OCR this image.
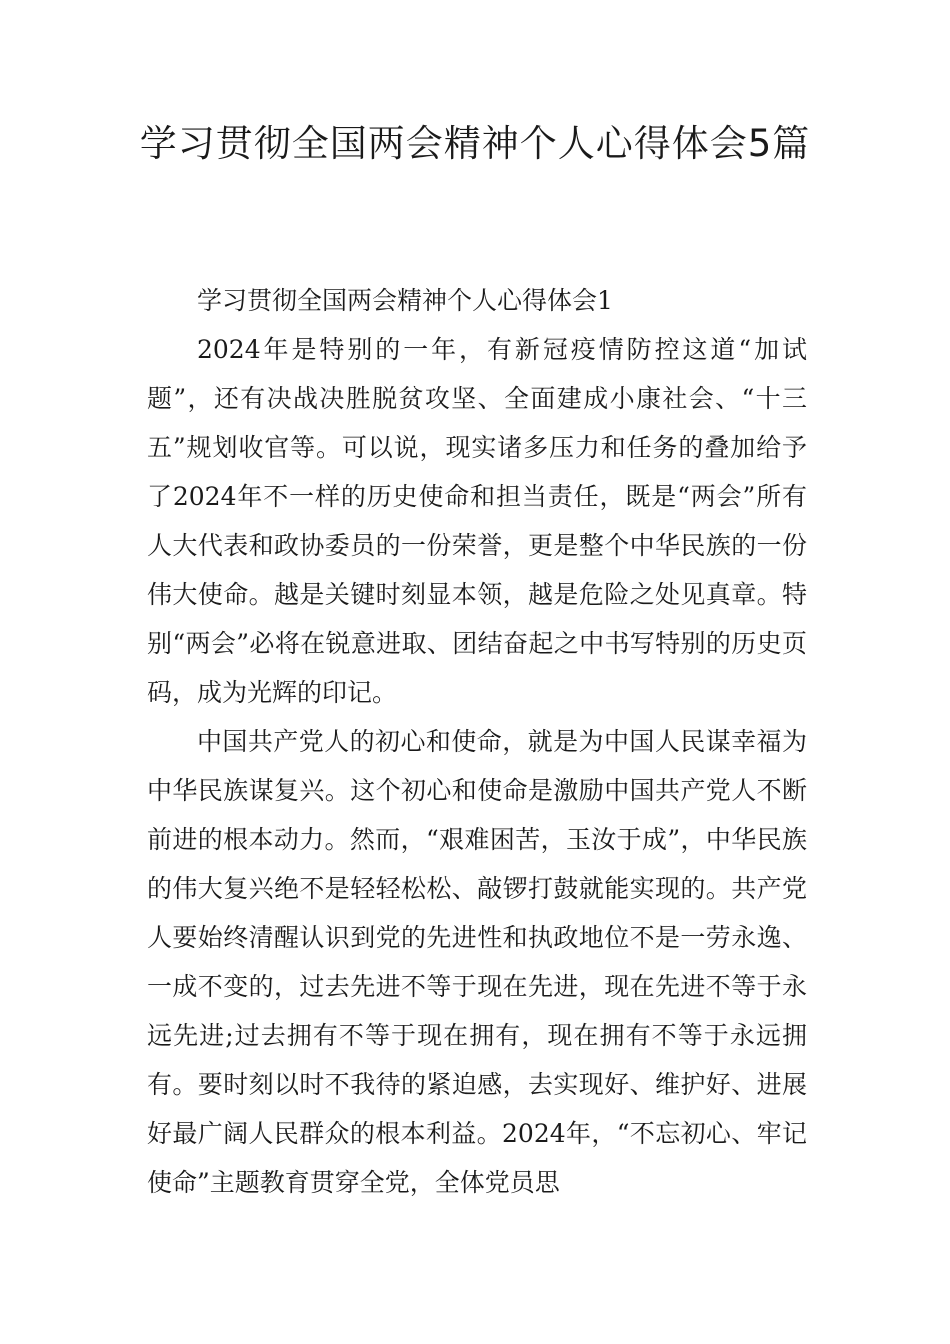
学习贯彻全国两会精神个人心得体会5篇

学习贯彻全国两会精神个人心得体会1

2024年是特别的一年，有新冠疫情防控这道“加试题”，还有决战决胜脱贫攻坚、全面建成小康社会、“十三五”规划收官等。可以说，现实诸多压力和任务的叠加给予了2024年不一样的历史使命和担当责任，既是“两会”所有人大代表和政协委员的一份荣誉，更是整个中华民族的一份伟大使命。越是关键时刻显本领，越是危险之处见真章。特别“两会”必将在锐意进取、团结奋起之中书写特别的历史页码，成为光辉的印记。

中国共产党人的初心和使命，就是为中国人民谋幸福为中华民族谋复兴。这个初心和使命是激励中国共产党人不断前进的根本动力。然而，“艰难困苦，玉汝于成”，中华民族的伟大复兴绝不是轻轻松松、敲锣打鼓就能实现的。共产党人要始终清醒认识到党的先进性和执政地位不是一劳永逸、一成不变的，过去先进不等于现在先进，现在先进不等于永远先进;过去拥有不等于现在拥有，现在拥有不等于永远拥有。要时刻以时不我待的紧迫感，去实现好、维护好、进展好最广阔人民群众的根本利益。2024年，“不忘初心、牢记使命”主题教育贯穿全党，全体党员思
